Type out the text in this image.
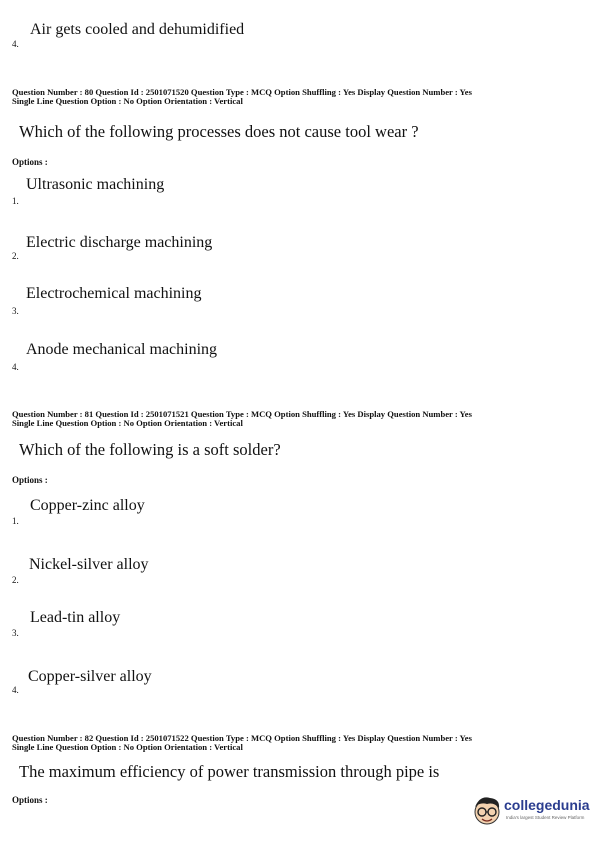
Air gets cooled and dehumidified
4.
Question Number : 80 Question Id : 2501071520 Question Type : MCQ Option Shuffling : Yes Display Question Number : Yes
Single Line Question Option : No Option Orientation : Vertical
Which of the following processes does not cause tool wear ?
Options :
Ultrasonic machining
1.
Electric discharge machining
2.
Electrochemical machining
3.
Anode mechanical machining
4.
Question Number : 81 Question Id : 2501071521 Question Type : MCQ Option Shuffling : Yes Display Question Number : Yes
Single Line Question Option : No Option Orientation : Vertical
Which of the following is a soft solder?
Options :
Copper-zinc alloy
1.
Nickel-silver alloy
2.
Lead-tin alloy
3.
Copper-silver alloy
4.
Question Number : 82 Question Id : 2501071522 Question Type : MCQ Option Shuffling : Yes Display Question Number : Yes
Single Line Question Option : No Option Orientation : Vertical
The maximum efficiency of power transmission through pipe is
Options :	collegedunia
India's largest Student Review Platform
